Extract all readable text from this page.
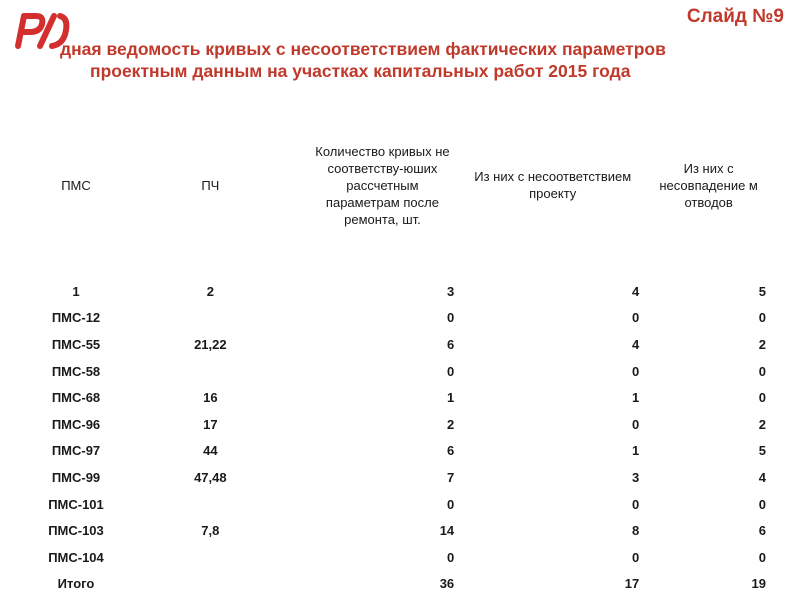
Слайд №9
дная ведомость кривых с несоответствием фактических параметров
проектным данным на участках капитальных работ 2015 года
ПМС	ПЧ	Количество кривых не соответству-юших рассчетным параметрам после ремонта, шт.	Из них с несоответствием проекту	Из них с несовпадение м отводов

1	2	3	4	5
ПМС-12		0	0	0
ПМС-55	21,22	6	4	2
ПМС-58		0	0	0
ПМС-68	16	1	1	0
ПМС-96	17	2	0	2
ПМС-97	44	6	1	5
ПМС-99	47,48	7	3	4
ПМС-101		0	0	0
ПМС-103	7,8	14	8	6
ПМС-104		0	0	0
Итого		36	17	19
